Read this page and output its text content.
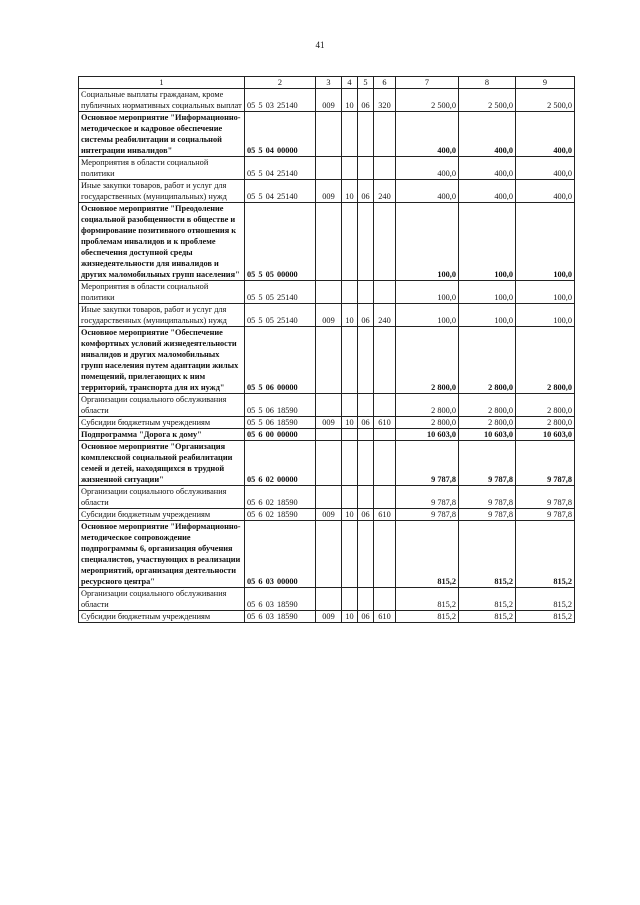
41
1	2	3	4	5	6	7	8	9
Социальные выплаты гражданам, кроме публичных нормативных социальных выплат	05 5 03 25140	009	10	06	320	2 500,0	2 500,0	2 500,0
Основное мероприятие "Информационно-методическое и кадровое обеспечение системы реабилитации и социальной интеграции инвалидов"	05 5 04 00000					400,0	400,0	400,0
Мероприятия в области социальной политики	05 5 04 25140					400,0	400,0	400,0
Иные закупки товаров, работ и услуг для государственных (муниципальных) нужд	05 5 04 25140	009	10	06	240	400,0	400,0	400,0
Основное мероприятие "Преодоление социальной разобщенности в обществе и формирование позитивного отношения к проблемам инвалидов и к проблеме обеспечения доступной среды жизнедеятельности для инвалидов и других маломобильных групп населения"	05 5 05 00000					100,0	100,0	100,0
Мероприятия в области социальной политики	05 5 05 25140					100,0	100,0	100,0
Иные закупки товаров, работ и услуг для государственных (муниципальных) нужд	05 5 05 25140	009	10	06	240	100,0	100,0	100,0
Основное мероприятие "Обеспечение комфортных условий жизнедеятельности инвалидов и других маломобильных групп населения путем адаптации жилых помещений, прилегающих к ним территорий, транспорта для их нужд"	05 5 06 00000					2 800,0	2 800,0	2 800,0
Организации социального обслуживания области	05 5 06 18590					2 800,0	2 800,0	2 800,0
Субсидии бюджетным учреждениям	05 5 06 18590	009	10	06	610	2 800,0	2 800,0	2 800,0
Подпрограмма "Дорога к дому"	05 6 00 00000					10 603,0	10 603,0	10 603,0
Основное мероприятие "Организация комплексной социальной реабилитации семей и детей, находящихся в трудной жизненной ситуации"	05 6 02 00000					9 787,8	9 787,8	9 787,8
Организации социального обслуживания области	05 6 02 18590					9 787,8	9 787,8	9 787,8
Субсидии бюджетным учреждениям	05 6 02 18590	009	10	06	610	9 787,8	9 787,8	9 787,8
Основное мероприятие "Информационно-методическое сопровождение подпрограммы 6, организация обучения специалистов, участвующих в реализации мероприятий, организация деятельности ресурсного центра"	05 6 03 00000					815,2	815,2	815,2
Организации социального обслуживания области	05 6 03 18590					815,2	815,2	815,2
Субсидии бюджетным учреждениям	05 6 03 18590	009	10	06	610	815,2	815,2	815,2
